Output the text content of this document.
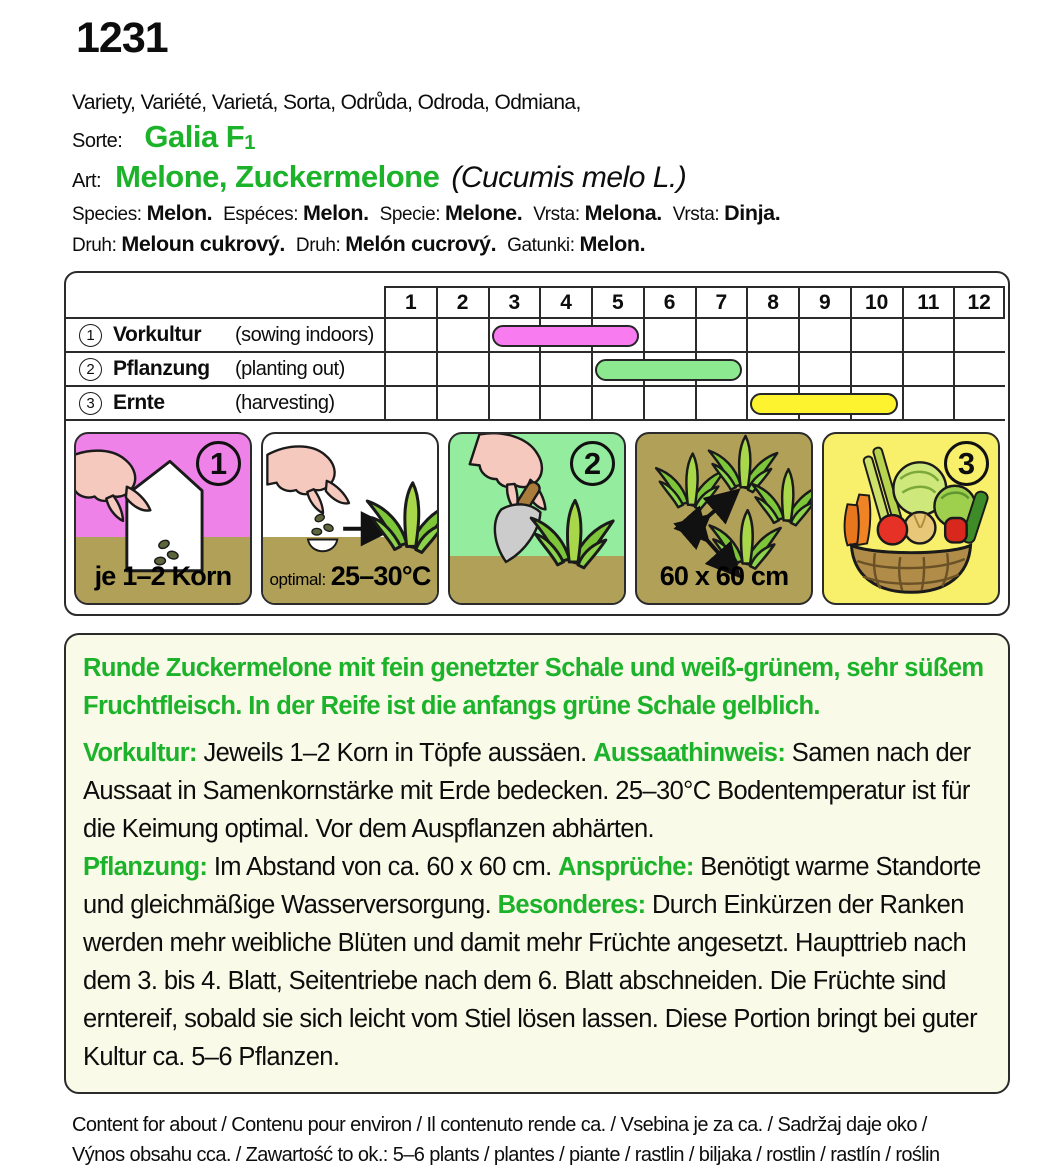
1231
Variety, Variété, Varietá, Sorta, Odrůda, Odroda, Odmiana,
Sorte: Galia $F_1$
Art: Melone, Zuckermelone (Cucumis melo L.)
Species: Melon. Espéces: Melon. Specie: Melone. Vrsta: Melona. Vrsta: Dinja.
Druh: Meloun cukrový. Druh: Melón cucrový. Gatunki: Melon.
1	2	3	4	5	6	7	8	9	10	11	12
1 Vorkultur	(sowing indoors)
2 Pflanzung	(planting out)
3 Ernte	(harvesting)
1
je 1–2 Korn	optimal: 25–30°C
2
60 x 60 cm
3

Runde Zuckermelone mit fein genetzter Schale und weiß-grünem, sehr süßem Fruchtfleisch. In der Reife ist die anfangs grüne Schale gelblich.

Vorkultur: Jeweils 1–2 Korn in Töpfe aussäen. Aussaathinweis: Samen nach der Aussaat in Samenkornstärke mit Erde bedecken. 25–30°C Bodentemperatur ist für die Keimung optimal. Vor dem Auspflanzen abhärten.

Pflanzung: Im Abstand von ca. 60 x 60 cm. Ansprüche: Benötigt warme Standorte und gleichmäßige Wasserversorgung. Besonderes: Durch Einkürzen der Ranken werden mehr weibliche Blüten und damit mehr Früchte angesetzt. Haupttrieb nach dem 3. bis 4. Blatt, Seitentriebe nach dem 6. Blatt abschneiden. Die Früchte sind erntereif, sobald sie sich leicht vom Stiel lösen lassen. Diese Portion bringt bei guter Kultur ca. 5–6 Pflanzen.

Content for about / Contenu pour environ / Il contenuto rende ca. / Vsebina je za ca. / Sadržaj daje oko /
Výnos obsahu cca. / Zawartość to ok.: 5–6 plants / plantes / piante / rastlin / biljaka / rostlin / rastlín / roślin
